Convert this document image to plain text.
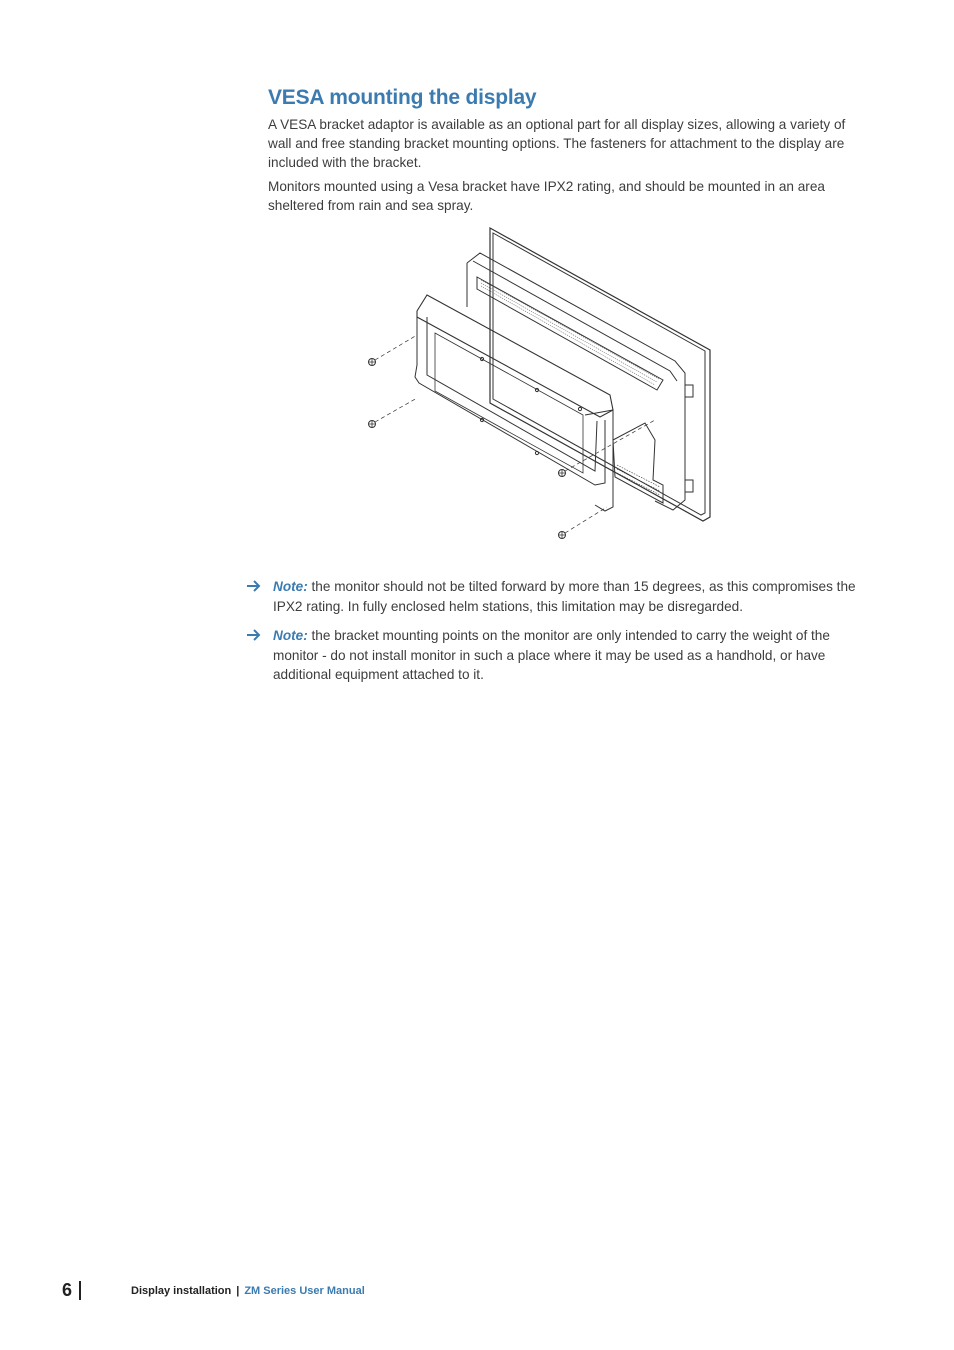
VESA mounting the display

A VESA bracket adaptor is available as an optional part for all display sizes, allowing a variety of wall and free standing bracket mounting options. The fasteners for attachment to the display are included with the bracket.

Monitors mounted using a Vesa bracket have IPX2 rating, and should be mounted in an area sheltered from rain and sea spray.

Note: the monitor should not be tilted forward by more than 15 degrees, as this compromises the IPX2 rating. In fully enclosed helm stations, this limitation may be disregarded.

Note: the bracket mounting points on the monitor are only intended to carry the weight of the monitor - do not install monitor in such a place where it may be used as a handhold, or have additional equipment attached to it.

6	Display installation | ZM Series User Manual
